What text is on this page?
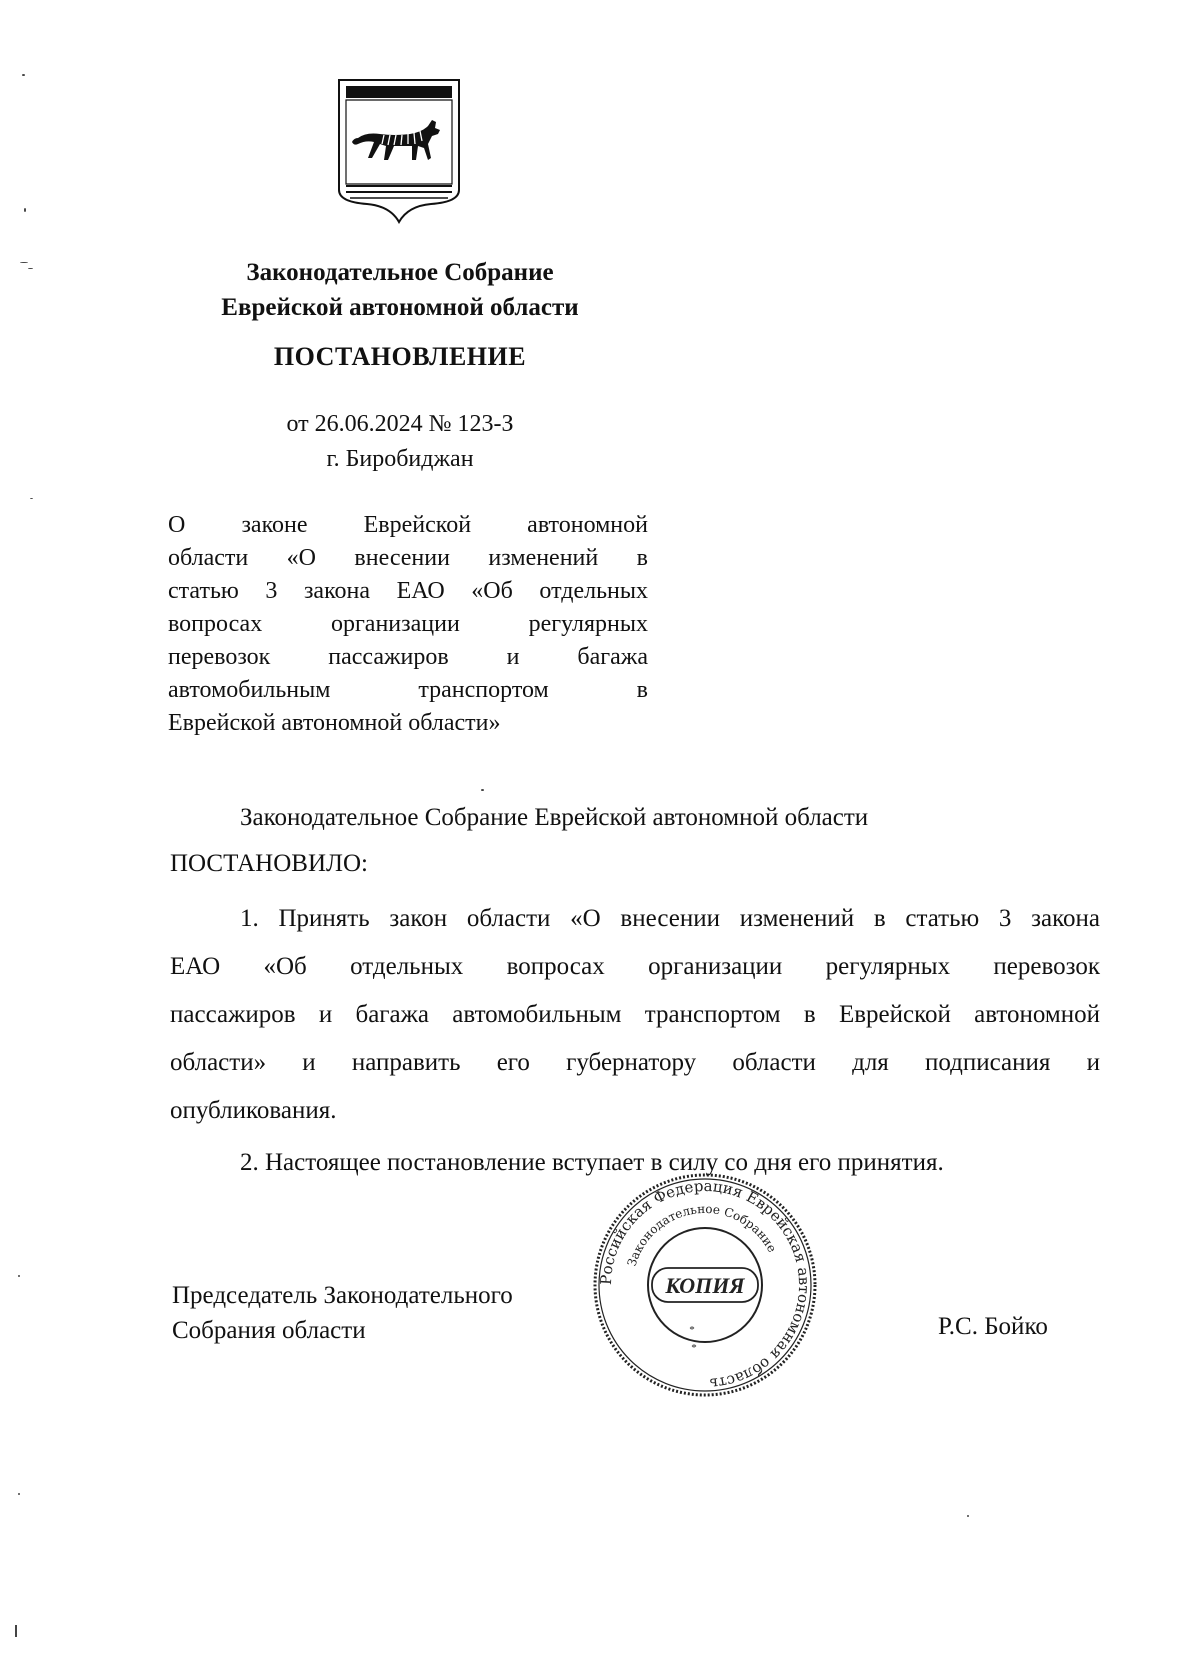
Законодательное Собрание
Еврейской автономной области
ПОСТАНОВЛЕНИЕ
от 26.06.2024 № 123-З
г. Биробиджан
О законе Еврейской автономной
области «О внесении изменений в
статью 3 закона ЕАО «Об отдельных
вопросах организации регулярных
перевозок пассажиров и багажа
автомобильным транспортом в
Еврейской автономной области»
Законодательное Собрание Еврейской автономной области
ПОСТАНОВИЛО:
1. Принять закон области «О внесении изменений в статью 3 закона
ЕАО «Об отдельных вопросах организации регулярных перевозок
пассажиров и багажа автомобильным транспортом в Еврейской автономной
области» и направить его губернатору области для подписания и
опубликования.
2. Настоящее постановление вступает в силу со дня его принятия.
Председатель Законодательного
Собрания области	Р.С. Бойко
Российская Федерация Еврейская автономная область
Законодательное Собрание
КОПИЯ
*
*
